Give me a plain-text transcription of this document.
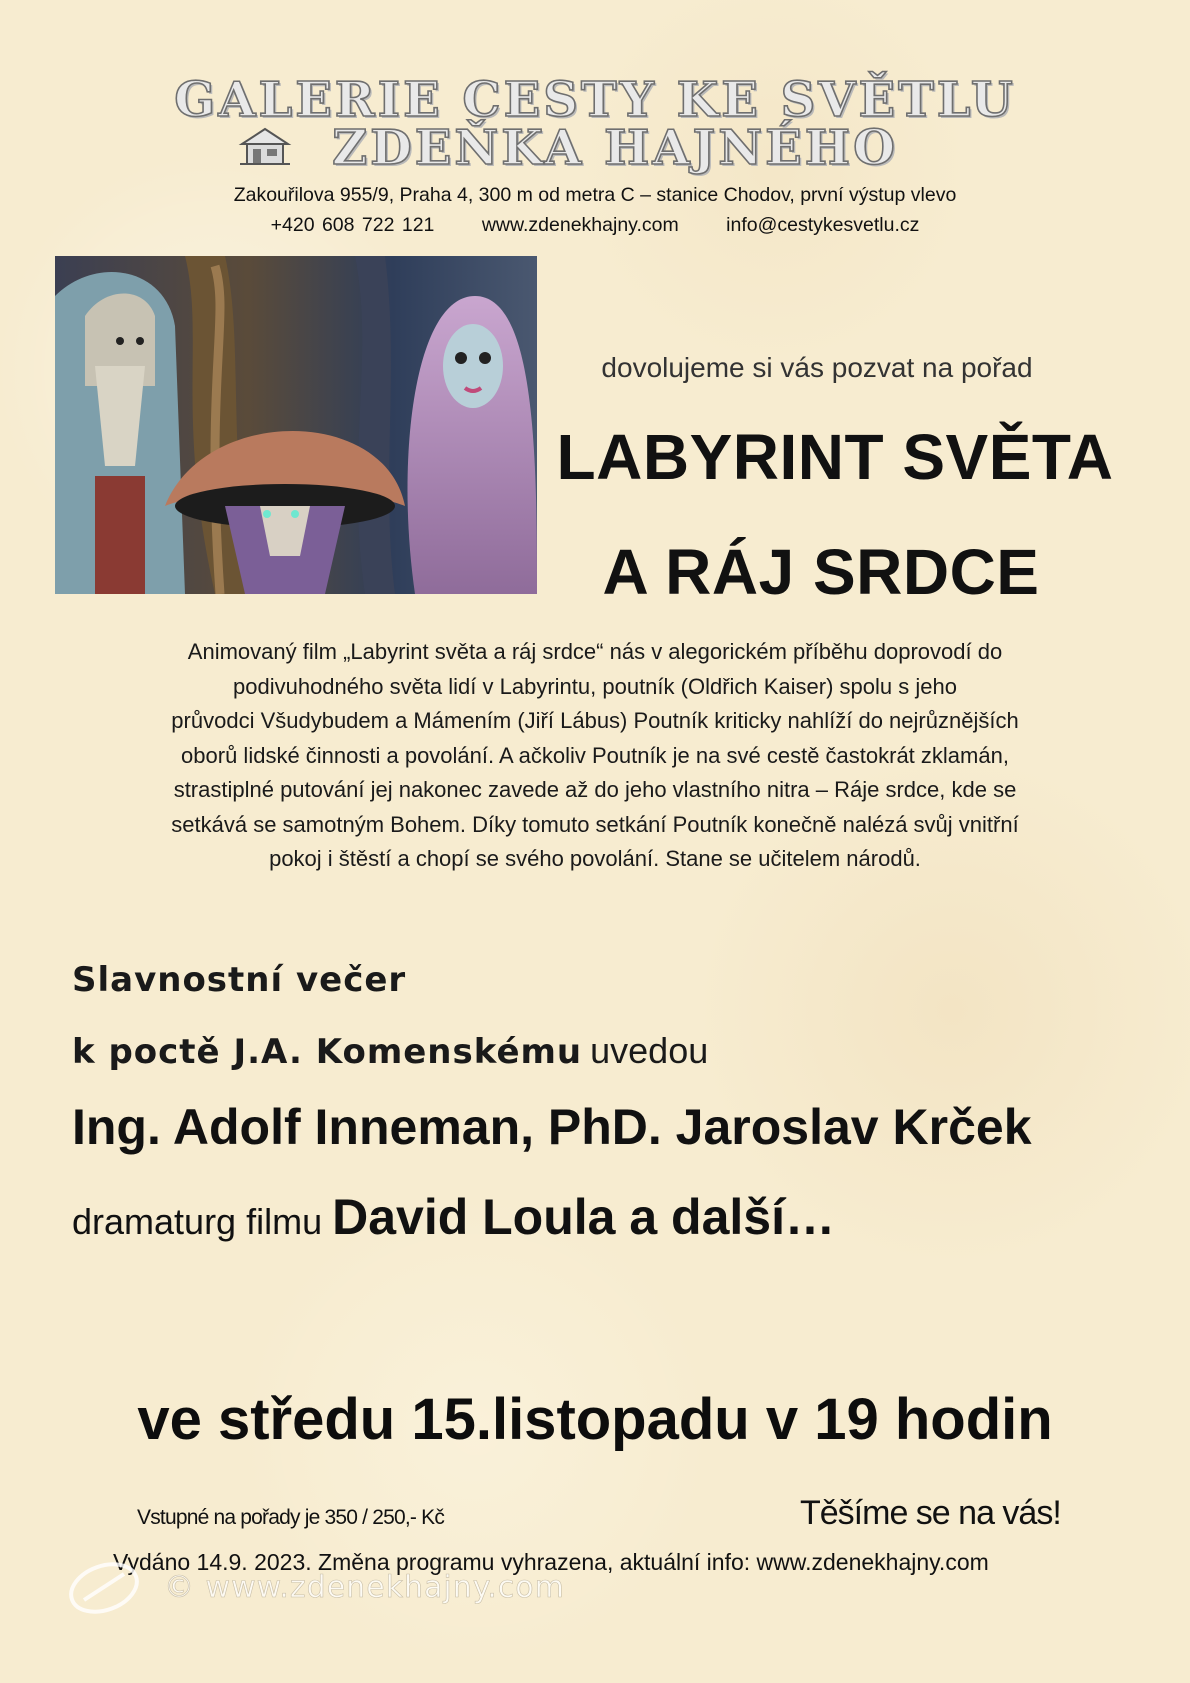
GALERIE CESTY KE SVĚTLU
ZDEŇKA HAJNÉHO
Zakouřilova 955/9, Praha 4, 300 m od metra C – stanice Chodov, první výstup vlevo
+420 608 722 121 www.zdenekhajny.com info@cestykesvetlu.cz
dovolujeme si vás pozvat na pořad
LABYRINT SVĚTA
A RÁJ SRDCE
Animovaný film „Labyrint světa a ráj srdce“ nás v alegorickém příběhu doprovodí do
podivuhodného světa lidí v Labyrintu, poutník (Oldřich Kaiser) spolu s jeho
průvodci Všudybudem a Mámením (Jiří Lábus) Poutník kriticky nahlíží do nejrůznějších
oborů lidské činnosti a povolání. A ačkoliv Poutník je na své cestě častokrát zklamán,
strastiplné putování jej nakonec zavede až do jeho vlastního nitra – Ráje srdce, kde se
setkává se samotným Bohem. Díky tomuto setkání Poutník konečně nalézá svůj vnitřní
pokoj i štěstí a chopí se svého povolání. Stane se učitelem národů.
Slavnostní večer
k poctě J.A. Komenskému uvedou
Ing. Adolf Inneman, PhD. Jaroslav Krček
dramaturg filmu David Loula a další…
ve středu 15.listopadu v 19 hodin
Vstupné na pořady je 350 / 250,- Kč	Těšíme se na vás!
Vydáno 14.9. 2023. Změna programu vyhrazena, aktuální info: www.zdenekhajny.com
© www.zdenekhajny.com
